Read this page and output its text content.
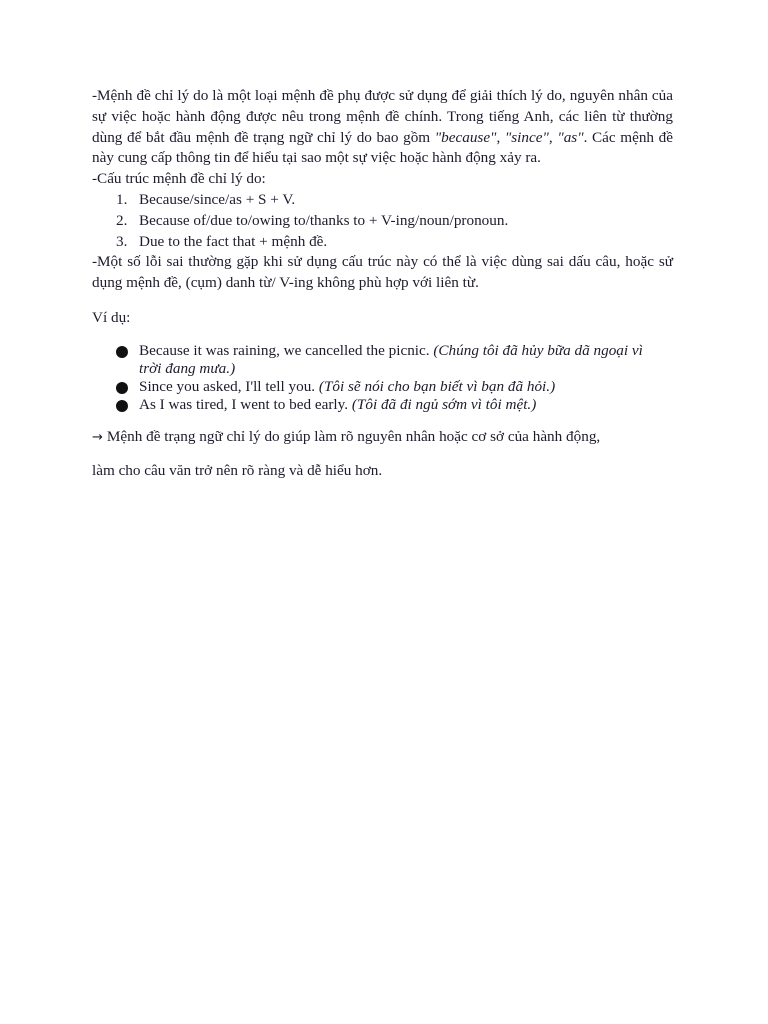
-Mệnh đề chỉ lý do là một loại mệnh đề phụ được sử dụng để giải thích lý do, nguyên nhân của sự việc hoặc hành động được nêu trong mệnh đề chính. Trong tiếng Anh, các liên từ thường dùng để bắt đầu mệnh đề trạng ngữ chỉ lý do bao gồm "because", "since", "as". Các mệnh đề này cung cấp thông tin để hiểu tại sao một sự việc hoặc hành động xảy ra.

-Cấu trúc mệnh đề chỉ lý do:

1. Because/since/as + S + V.
2. Because of/due to/owing to/thanks to + V-ing/noun/pronoun.
3. Due to the fact that + mệnh đề.

-Một số lỗi sai thường gặp khi sử dụng cấu trúc này có thể là việc dùng sai dấu câu, hoặc sử dụng mệnh đề, (cụm) danh từ/ V-ing không phù hợp với liên từ.

Ví dụ:

Because it was raining, we cancelled the picnic. (Chúng tôi đã hủy bữa dã ngoại vì trời đang mưa.)
Since you asked, I'll tell you. (Tôi sẽ nói cho bạn biết vì bạn đã hỏi.)
As I was tired, I went to bed early. (Tôi đã đi ngủ sớm vì tôi mệt.)

→ Mệnh đề trạng ngữ chỉ lý do giúp làm rõ nguyên nhân hoặc cơ sở của hành động,

làm cho câu văn trở nên rõ ràng và dễ hiểu hơn.
